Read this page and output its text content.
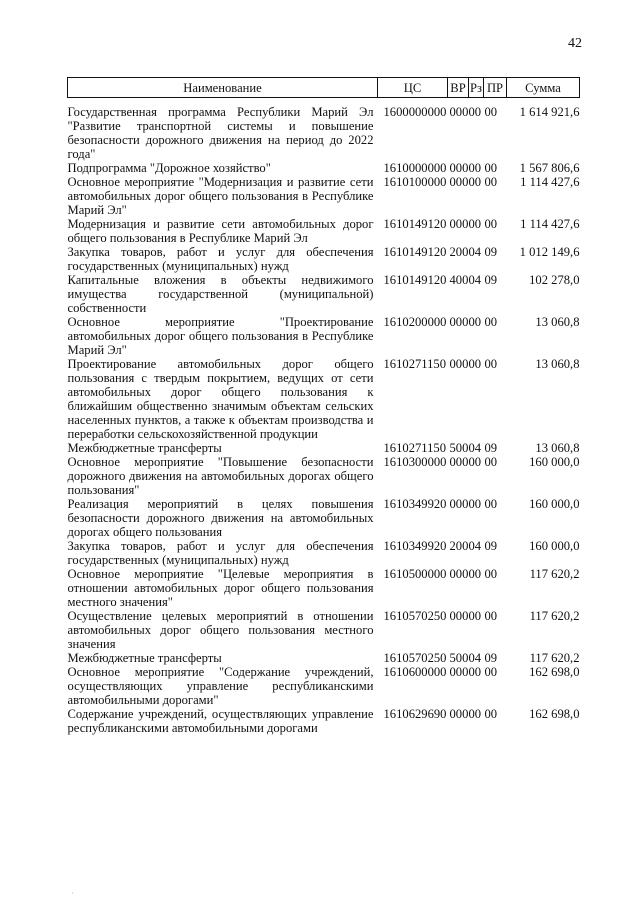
42
Наименование	ЦС	ВР	Рз	ПР	Сумма
Государственная программа Республики Марий Эл "Развитие транспортной системы и повышение безопасности дорожного движения на период до 2022 года"	1600000000	000	00	00	1 614 921,6
Подпрограмма "Дорожное хозяйство"	1610000000	000	00	00	1 567 806,6
Основное мероприятие "Модернизация и развитие сети автомобильных дорог общего пользования в Республике Марий Эл"	1610100000	000	00	00	1 114 427,6
Модернизация и развитие сети автомобильных дорог общего пользования в Республике Марий Эл	1610149120	000	00	00	1 114 427,6
Закупка товаров, работ и услуг для обеспечения государственных (муниципальных) нужд	1610149120	200	04	09	1 012 149,6
Капитальные вложения в объекты недвижимого имущества государственной (муниципальной) собственности	1610149120	400	04	09	102 278,0
Основное мероприятие "Проектирование автомобильных дорог общего пользования в Республике Марий Эл"	1610200000	000	00	00	13 060,8
Проектирование автомобильных дорог общего пользования с твердым покрытием, ведущих от сети автомобильных дорог общего пользования к ближайшим общественно значимым объектам сельских населенных пунктов, а также к объектам производства и переработки сельскохозяйственной продукции	1610271150	000	00	00	13 060,8
Межбюджетные трансферты	1610271150	500	04	09	13 060,8
Основное мероприятие "Повышение безопасности дорожного движения на автомобильных дорогах общего пользования"	1610300000	000	00	00	160 000,0
Реализация мероприятий в целях повышения безопасности дорожного движения на автомобильных дорогах общего пользования	1610349920	000	00	00	160 000,0
Закупка товаров, работ и услуг для обеспечения государственных (муниципальных) нужд	1610349920	200	04	09	160 000,0
Основное мероприятие "Целевые мероприятия в отношении автомобильных дорог общего пользования местного значения"	1610500000	000	00	00	117 620,2
Осуществление целевых мероприятий в отношении автомобильных дорог общего пользования местного значения	1610570250	000	00	00	117 620,2
Межбюджетные трансферты	1610570250	500	04	09	117 620,2
Основное мероприятие "Содержание учреждений, осуществляющих управление республиканскими автомобильными дорогами"	1610600000	000	00	00	162 698,0
Содержание учреждений, осуществляющих управление республиканскими автомобильными дорогами	1610629690	000	00	00	162 698,0
·
